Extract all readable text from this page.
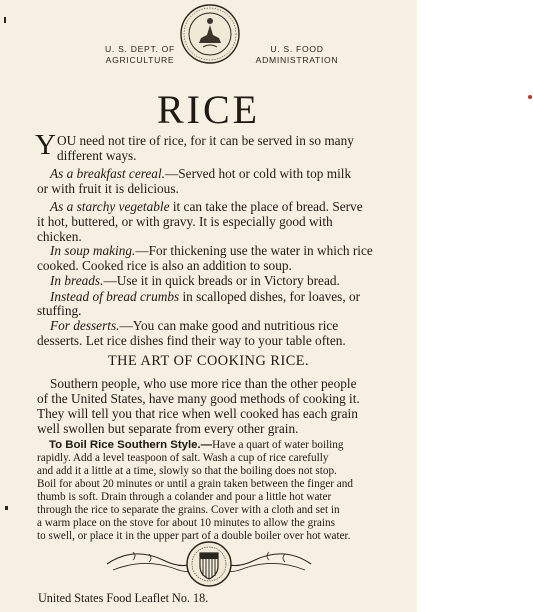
U. S. DEPT. OF
AGRICULTURE
U. S. FOOD
ADMINISTRATION
RICE
Y OU need not tire of rice, for it can be served in so many
different ways.
As a breakfast cereal.—Served hot or cold with top milk
or with fruit it is delicious.
As a starchy vegetable it can take the place of bread. Serve
it hot, buttered, or with gravy. It is especially good with
chicken.
In soup making.—For thickening use the water in which rice
cooked. Cooked rice is also an addition to soup.
In breads.—Use it in quick breads or in Victory bread.
Instead of bread crumbs in scalloped dishes, for loaves, or
stuffing.
For desserts.—You can make good and nutritious rice
desserts. Let rice dishes find their way to your table often.
THE ART OF COOKING RICE.
Southern people, who use more rice than the other people
of the United States, have many good methods of cooking it.
They will tell you that rice when well cooked has each grain
well swollen but separate from every other grain.
To Boil Rice Southern Style.—Have a quart of water boiling
rapidly. Add a level teaspoon of salt. Wash a cup of rice carefully
and add it a little at a time, slowly so that the boiling does not stop.
Boil for about 20 minutes or until a grain taken between the finger and
thumb is soft. Drain through a colander and pour a little hot water
through the rice to separate the grains. Cover with a cloth and set in
a warm place on the stove for about 10 minutes to allow the grains
to swell, or place it in the upper part of a double boiler over hot water.
United States Food Leaflet No. 18.
